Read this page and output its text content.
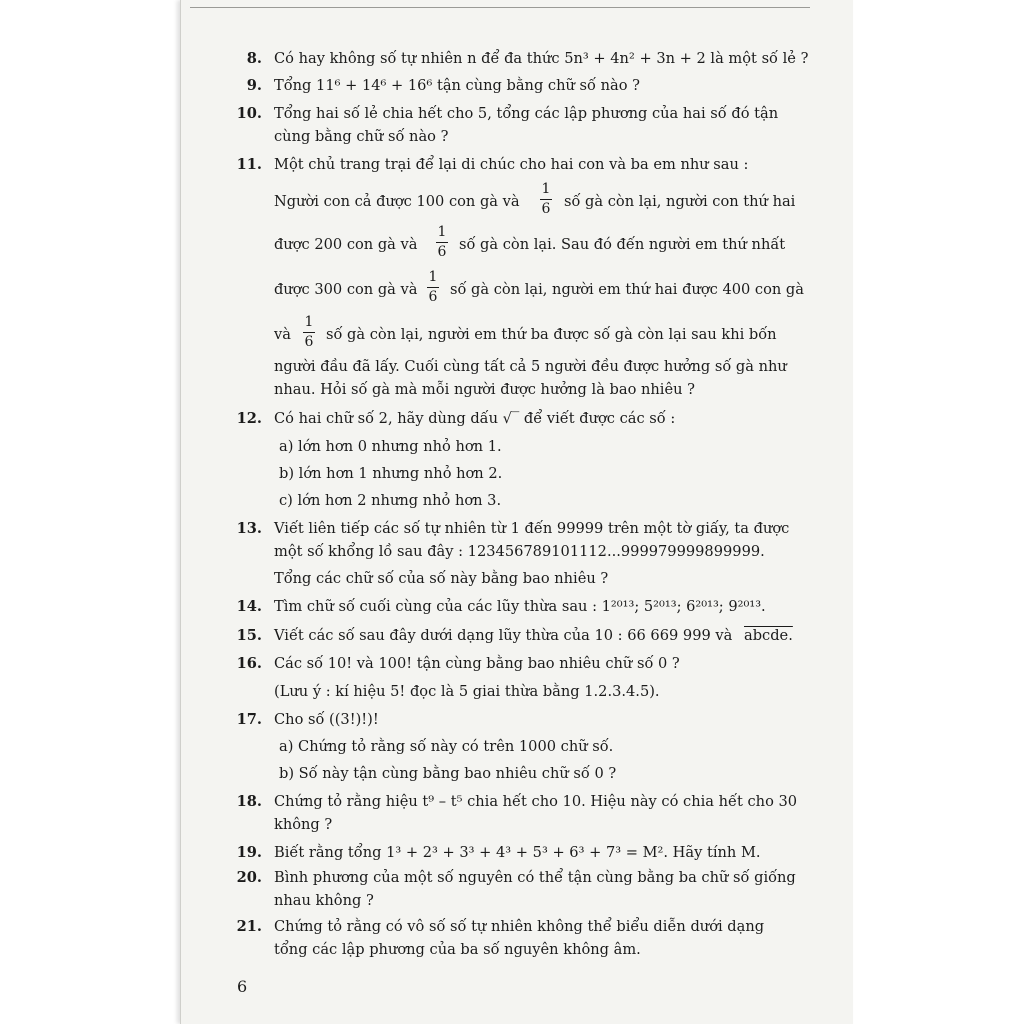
8. Có hay không số tự nhiên n để đa thức 5n³ + 4n² + 3n + 2 là một số lẻ ?
9. Tổng 11⁶ + 14⁶ + 16⁶ tận cùng bằng chữ số nào ?
10. Tổng hai số lẻ chia hết cho 5, tổng các lập phương của hai số đó tận
cùng bằng chữ số nào ?
11. Một chủ trang trại để lại di chúc cho hai con và ba em như sau :
Người con cả được 100 con gà và
1
6 số gà còn lại, người con thứ hai
được 200 con gà và
1
6 số gà còn lại. Sau đó đến người em thứ nhất
được 300 con gà và
1
6 số gà còn lại, người em thứ hai được 400 con gà
và
1
6 số gà còn lại, người em thứ ba được số gà còn lại sau khi bốn
người đầu đã lấy. Cuối cùng tất cả 5 người đều được hưởng số gà như
nhau. Hỏi số gà mà mỗi người được hưởng là bao nhiêu ?
12. Có hai chữ số 2, hãy dùng dấu √‾ để viết được các số :
a) lớn hơn 0 nhưng nhỏ hơn 1.
b) lớn hơn 1 nhưng nhỏ hơn 2.
c) lớn hơn 2 nhưng nhỏ hơn 3.
13. Viết liên tiếp các số tự nhiên từ 1 đến 99999 trên một tờ giấy, ta được
một số khổng lồ sau đây : 123456789101112...999979999899999.
Tổng các chữ số của số này bằng bao nhiêu ?
14. Tìm chữ số cuối cùng của các lũy thừa sau : 1²⁰¹³; 5²⁰¹³; 6²⁰¹³; 9²⁰¹³.
15. Viết các số sau đây dưới dạng lũy thừa của 10 : 66 669 999 và abcde.
16. Các số 10! và 100! tận cùng bằng bao nhiêu chữ số 0 ?
(Lưu ý : kí hiệu 5! đọc là 5 giai thừa bằng 1.2.3.4.5).
17. Cho số ((3!)!)!
a) Chứng tỏ rằng số này có trên 1000 chữ số.
b) Số này tận cùng bằng bao nhiêu chữ số 0 ?
18. Chứng tỏ rằng hiệu t⁹ – t⁵ chia hết cho 10. Hiệu này có chia hết cho 30
không ?
19. Biết rằng tổng 1³ + 2³ + 3³ + 4³ + 5³ + 6³ + 7³ = M². Hãy tính M.
20. Bình phương của một số nguyên có thể tận cùng bằng ba chữ số giống
nhau không ?
21. Chứng tỏ rằng có vô số số tự nhiên không thể biểu diễn dưới dạng
tổng các lập phương của ba số nguyên không âm.
6
